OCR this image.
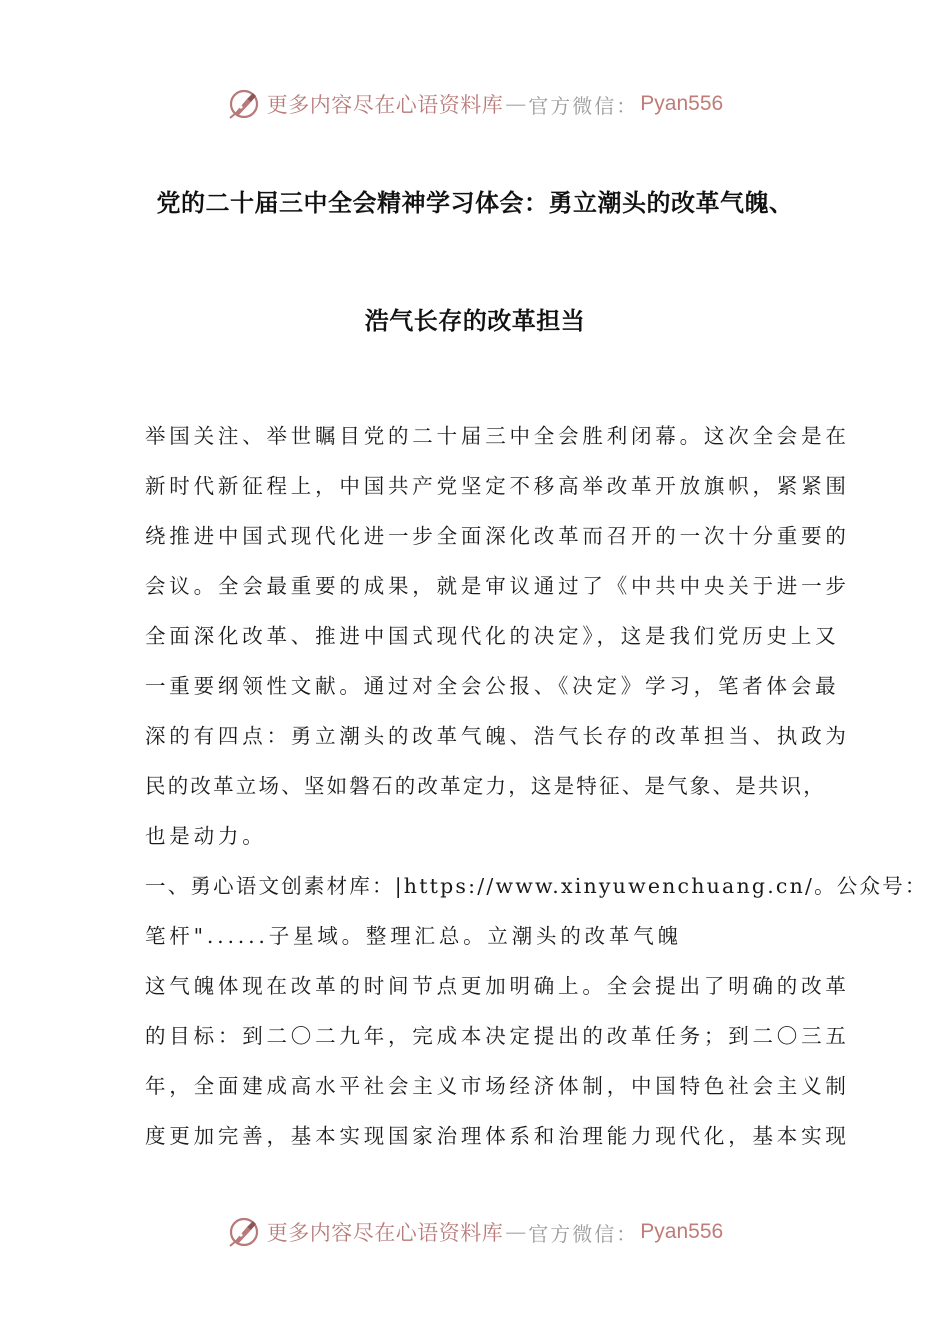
更多内容尽在心语资料库 — 官方微信： Pyan556
党的二十届三中全会精神学习体会：勇立潮头的改革气魄、
浩气长存的改革担当
举国关注、举世瞩目党的二十届三中全会胜利闭幕。这次全会是在
新时代新征程上，中国共产党坚定不移高举改革开放旗帜，紧紧围
绕推进中国式现代化进一步全面深化改革而召开的一次十分重要的
会议。全会最重要的成果，就是审议通过了《中共中央关于进一步
全面深化改革、推进中国式现代化的决定》，这是我们党历史上又
一重要纲领性文献。通过对全会公报、《决定》学习，笔者体会最
深的有四点：勇立潮头的改革气魄、浩气长存的改革担当、执政为
民的改革立场、坚如磐石的改革定力，这是特征、是气象、是共识，
也是动力。
一、勇心语文创素材库：|https://www.xinyuwenchuang.cn/。公众号：
笔杆"......子星域。整理汇总。立潮头的改革气魄
这气魄体现在改革的时间节点更加明确上。全会提出了明确的改革
的目标：到二〇二九年，完成本决定提出的改革任务；到二〇三五
年，全面建成高水平社会主义市场经济体制，中国特色社会主义制
度更加完善，基本实现国家治理体系和治理能力现代化，基本实现
更多内容尽在心语资料库 — 官方微信： Pyan556
